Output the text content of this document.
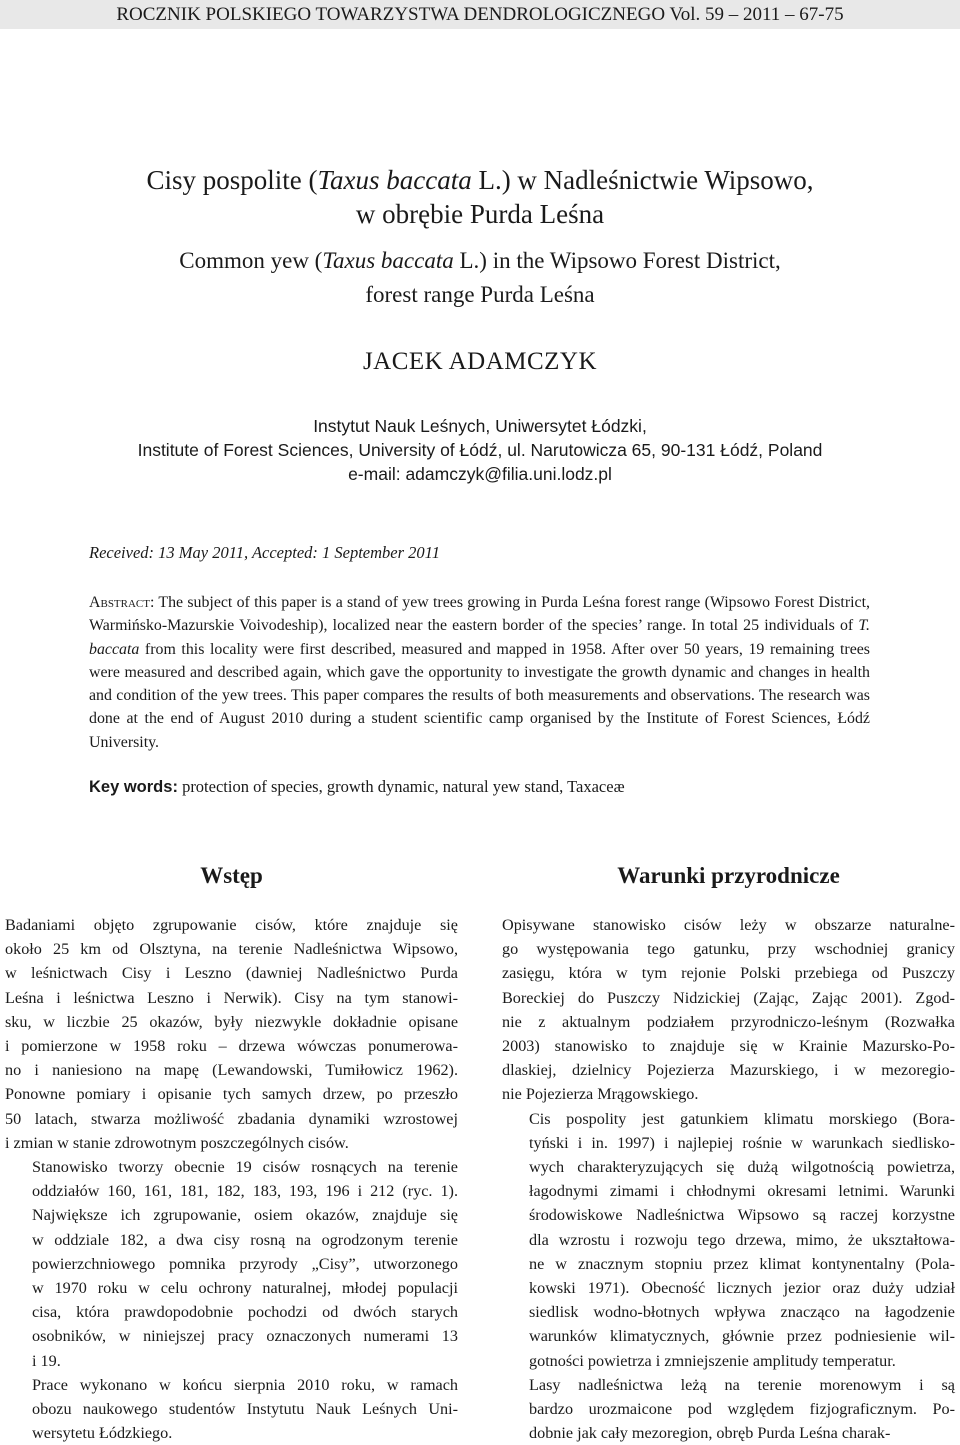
ROCZNIK POLSKIEGO TOWARZYSTWA DENDROLOGICZNEGO Vol. 59 – 2011 – 67-75
Cisy pospolite (Taxus baccata L.) w Nadleśnictwie Wipsowo,
w obrębie Purda Leśna
Common yew (Taxus baccata L.) in the Wipsowo Forest District,
forest range Purda Leśna
JACEK ADAMCZYK
Instytut Nauk Leśnych, Uniwersytet Łódzki,
Institute of Forest Sciences, University of Łódź, ul. Narutowicza 65, 90-131 Łódź, Poland
e-mail: adamczyk@filia.uni.lodz.pl
Received: 13 May 2011, Accepted: 1 September 2011
Abstract: The subject of this paper is a stand of yew trees growing in Purda Leśna forest range (Wipsowo Forest District, Warmińsko-Mazurskie Voivodeship), localized near the eastern border of the species’ range. In total 25 individuals of T. baccata from this locality were first described, measured and mapped in 1958. After over 50 years, 19 remaining trees were measured and described again, which gave the opportunity to investigate the growth dynamic and changes in health and condition of the yew trees. This paper compares the results of both measurements and observations. The research was done at the end of August 2010 during a student scientific camp organised by the Institute of Forest Sciences, Łódź University.
Key words: protection of species, growth dynamic, natural yew stand, Taxaceæ
Wstęp

Badaniami objęto zgrupowanie cisów, które znajduje się
około 25 km od Olsztyna, na terenie Nadleśnictwa Wipsowo,
w leśnictwach Cisy i Leszno (dawniej Nadleśnictwo Purda
Leśna i leśnictwa Leszno i Nerwik). Cisy na tym stanowi-
sku, w liczbie 25 okazów, były niezwykle dokładnie opisane
i pomierzone w 1958 roku – drzewa wówczas ponumerowa-
no i naniesiono na mapę (Lewandowski, Tumiłowicz 1962).
Ponowne pomiary i opisanie tych samych drzew, po przeszło
50 latach, stwarza możliwość zbadania dynamiki wzrostowej
i zmian w stanie zdrowotnym poszczególnych cisów.

Stanowisko tworzy obecnie 19 cisów rosnących na terenie
oddziałów 160, 161, 181, 182, 183, 193, 196 i 212 (ryc. 1).
Największe ich zgrupowanie, osiem okazów, znajduje się
w oddziale 182, a dwa cisy rosną na ogrodzonym terenie
powierzchniowego pomnika przyrody „Cisy”, utworzonego
w 1970 roku w celu ochrony naturalnej, młodej populacji
cisa, która prawdopodobnie pochodzi od dwóch starych
osobników, w niniejszej pracy oznaczonych numerami 13
i 19.

Prace wykonano w końcu sierpnia 2010 roku, w ramach
obozu naukowego studentów Instytutu Nauk Leśnych Uni-
wersytetu Łódzkiego.

Warunki przyrodnicze

Opisywane stanowisko cisów leży w obszarze naturalne-
go występowania tego gatunku, przy wschodniej granicy
zasięgu, która w tym rejonie Polski przebiega od Puszczy
Boreckiej do Puszczy Nidzickiej (Zając, Zając 2001). Zgod-
nie z aktualnym podziałem przyrodniczo-leśnym (Rozwałka
2003) stanowisko to znajduje się w Krainie Mazursko-Po-
dlaskiej, dzielnicy Pojezierza Mazurskiego, i w mezoregio-
nie Pojezierza Mrągowskiego.

Cis pospolity jest gatunkiem klimatu morskiego (Bora-
tyński i in. 1997) i najlepiej rośnie w warunkach siedlisko-
wych charakteryzujących się dużą wilgotnością powietrza,
łagodnymi zimami i chłodnymi okresami letnimi. Warunki
środowiskowe Nadleśnictwa Wipsowo są raczej korzystne
dla wzrostu i rozwoju tego drzewa, mimo, że ukształtowa-
ne w znacznym stopniu przez klimat kontynentalny (Pola-
kowski 1971). Obecność licznych jezior oraz duży udział
siedlisk wodno-błotnych wpływa znacząco na łagodzenie
warunków klimatycznych, głównie przez podniesienie wil-
gotności powietrza i zmniejszenie amplitudy temperatur.

Lasy nadleśnictwa leżą na terenie morenowym i są
bardzo urozmaicone pod względem fizjograficznym. Po-
dobnie jak cały mezoregion, obręb Purda Leśna charak-
